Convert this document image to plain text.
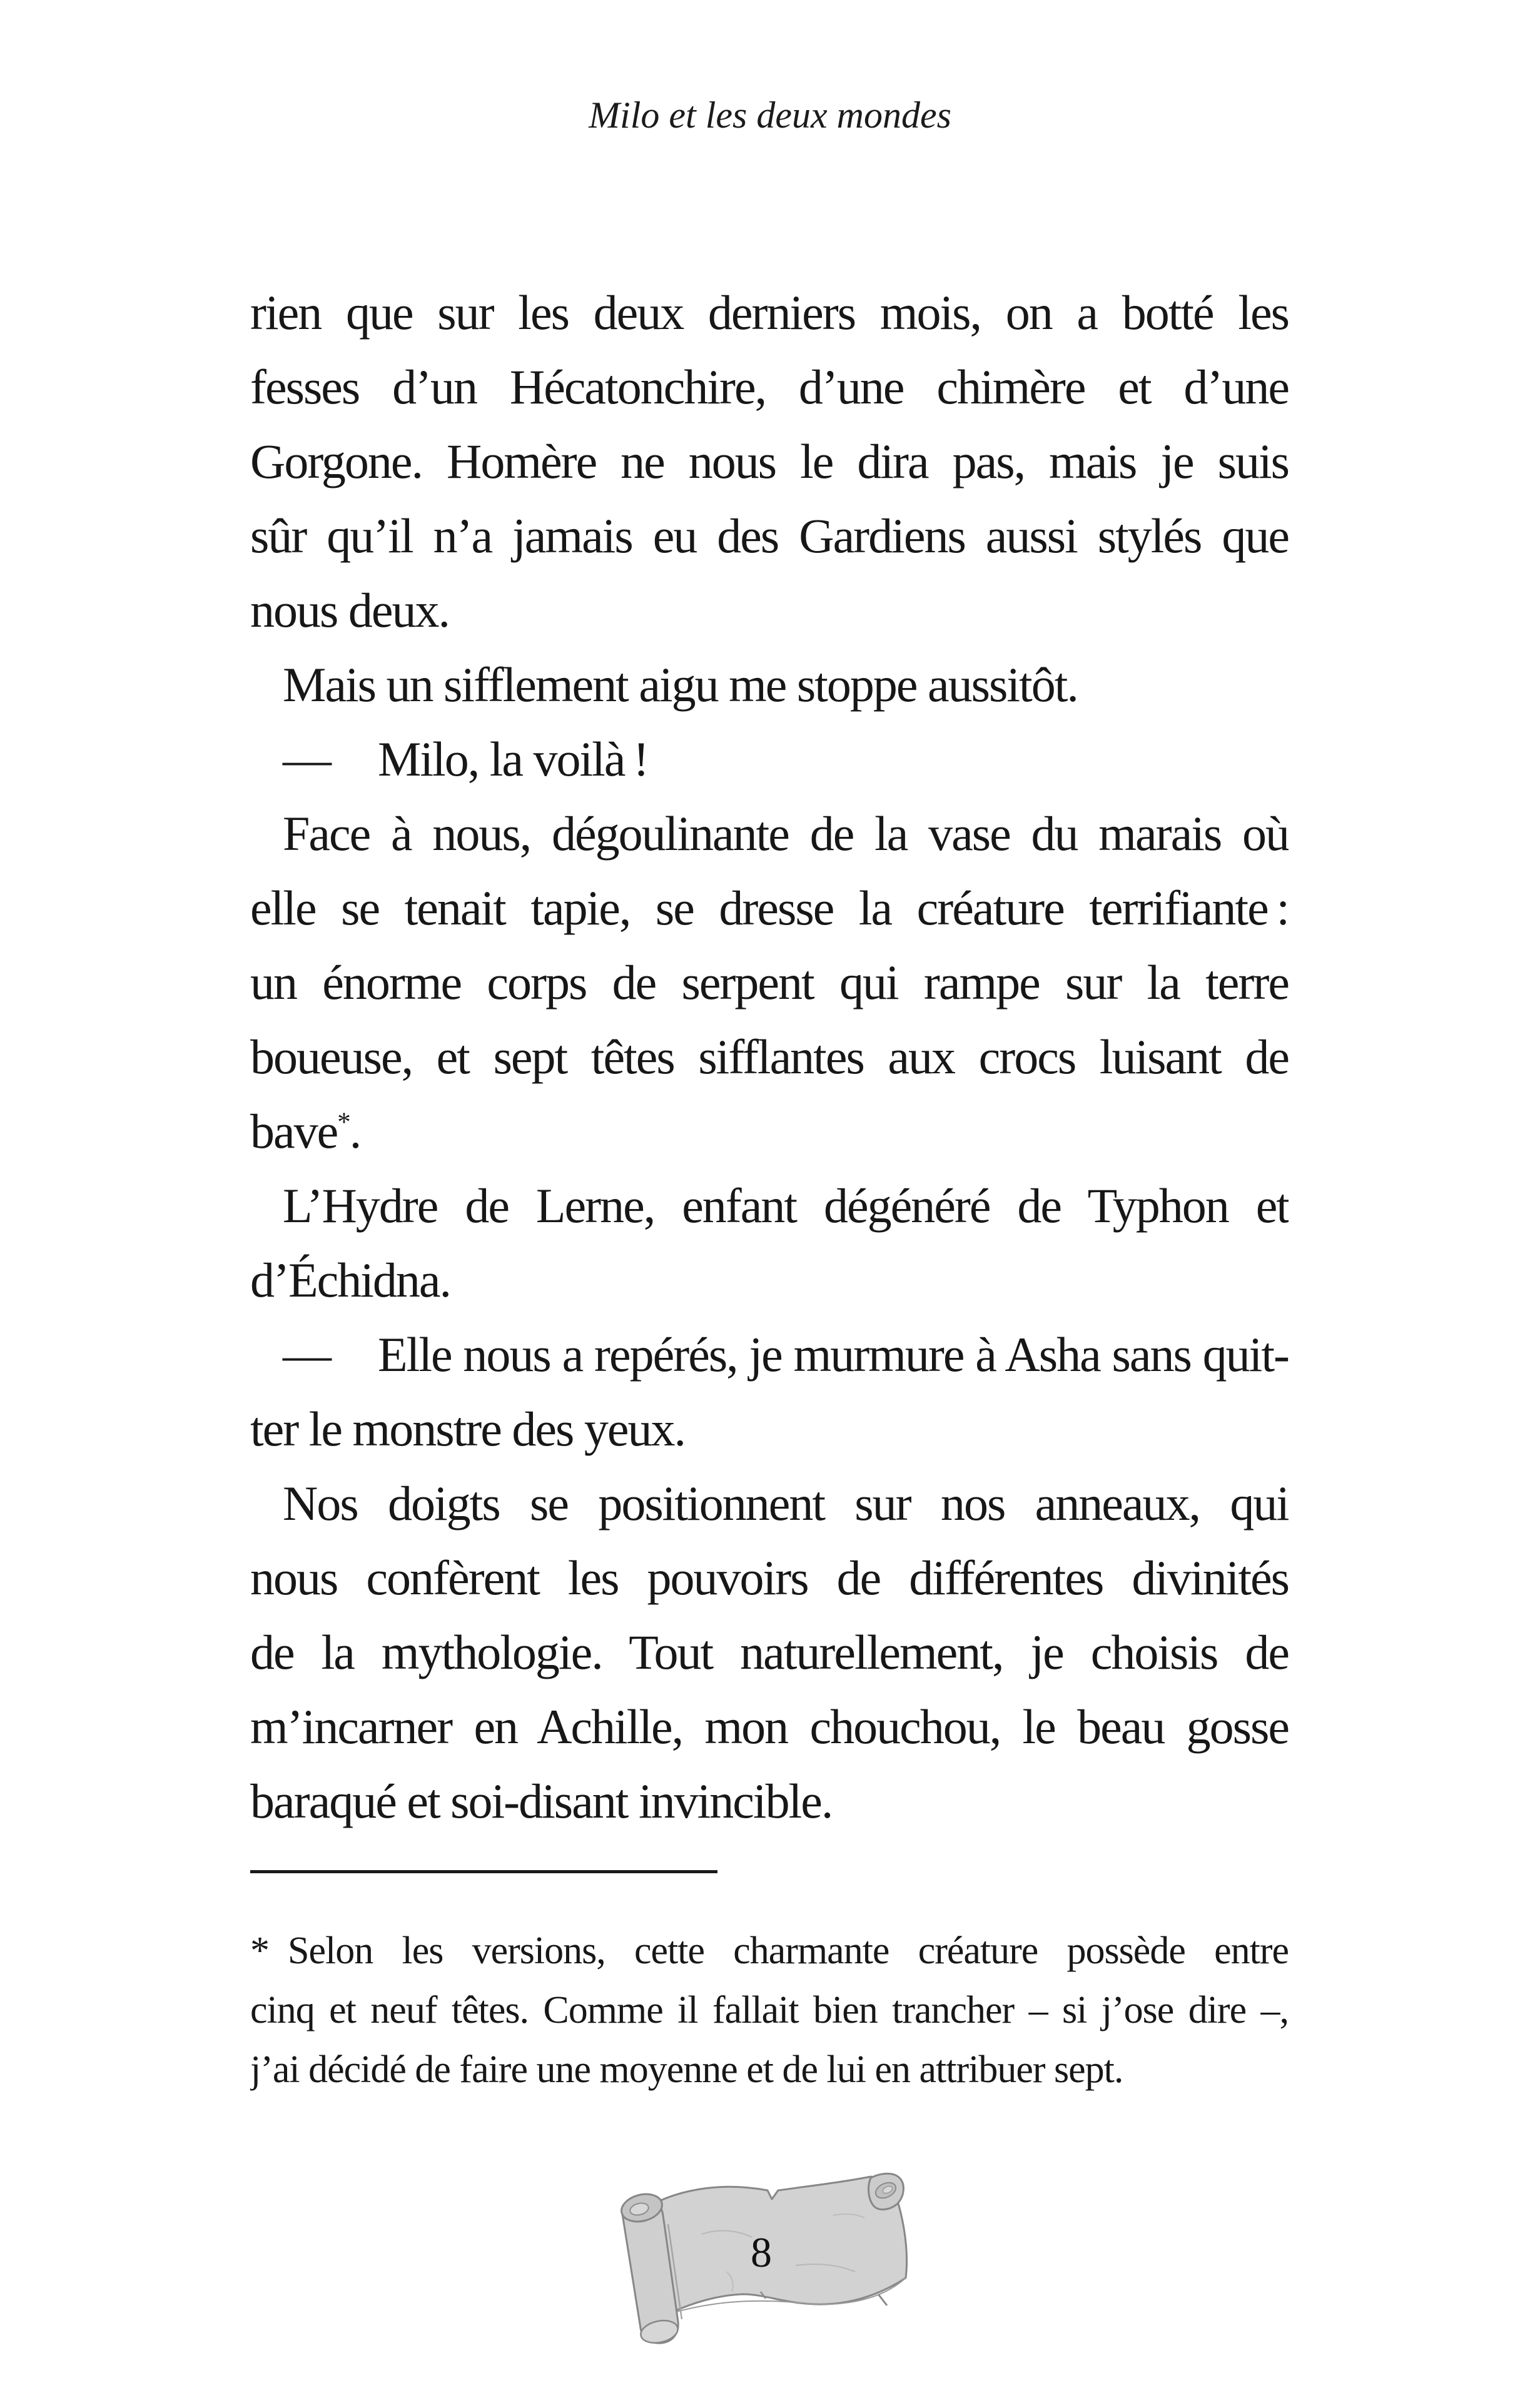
Milo et les deux mondes
rien que sur les deux derniers mois, on a botté les
fesses d’un Hécatonchire, d’une chimère et d’une
Gorgone. Homère ne nous le dira pas, mais je suis
sûr qu’il n’a jamais eu des Gardiens aussi stylés que
nous deux.
Mais un sifflement aigu me stoppe aussitôt.
— Milo, la voilà !
Face à nous, dégoulinante de la vase du marais où
elle se tenait tapie, se dresse la créature terrifiante :
un énorme corps de serpent qui rampe sur la terre
boueuse, et sept têtes sifflantes aux crocs luisant de
bave*.
L’Hydre de Lerne, enfant dégénéré de Typhon et
d’Échidna.
— Elle nous a repérés, je murmure à Asha sans quit-
ter le monstre des yeux.
Nos doigts se positionnent sur nos anneaux, qui
nous confèrent les pouvoirs de différentes divinités
de la mythologie. Tout naturellement, je choisis de
m’incarner en Achille, mon chouchou, le beau gosse
baraqué et soi-disant invincible.
* Selon les versions, cette charmante créature possède entre
cinq et neuf têtes. Comme il fallait bien trancher – si j’ose dire –,
j’ai décidé de faire une moyenne et de lui en attribuer sept.
8
